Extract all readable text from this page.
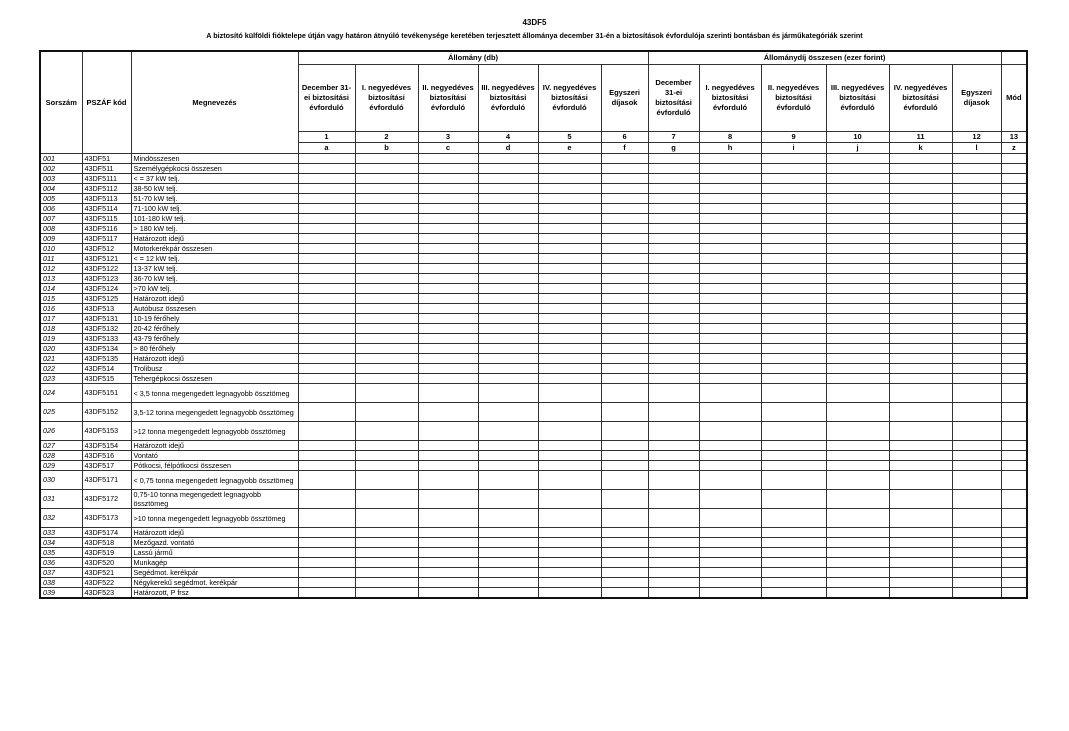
43DF5
A biztosító külföldi fióktelepe útján vagy határon átnyúló tevékenysége keretében terjesztett állománya december 31-én a biztosítások évfordulója szerinti bontásban és járműkategóriák szerint
Sorszám	PSZÁF kód	Megnevezés	Állomány (db)						Állománydíj összesen (ezer forint)						
			December 31-ei biztosítási évforduló	I. negyedéves biztosítási évforduló	II. negyedéves biztosítási évforduló	III. negyedéves biztosítási évforduló	IV. negyedéves biztosítási évforduló	Egyszeri díjasok	December 31-ei biztosítási évforduló	I. negyedéves biztosítási évforduló	II. negyedéves biztosítási évforduló	III. negyedéves biztosítási évforduló	IV. negyedéves biztosítási évforduló	Egyszeri díjasok	Mód
			1	2	3	4	5	6	7	8	9	10	11	12	13
			a	b	c	d	e	f	g	h	i	j	k	l	z
001	43DF51	Mindösszesen													
002	43DF511	Személygépkocsi összesen													
003	43DF5111	< = 37 kW telj.													
004	43DF5112	38-50 kW telj.													
005	43DF5113	51-70 kW telj.													
006	43DF5114	71-100 kW telj.													
007	43DF5115	101-180 kW telj.													
008	43DF5116	> 180 kW telj.													
009	43DF5117	Határozott idejű													
010	43DF512	Motorkerékpár összesen													
011	43DF5121	< = 12 kW telj.													
012	43DF5122	13-37 kW telj.													
013	43DF5123	36-70 kW telj.													
014	43DF5124	>70 kW telj.													
015	43DF5125	Határozott idejű													
016	43DF513	Autóbusz összesen													
017	43DF5131	10-19 férőhely													
018	43DF5132	20-42 férőhely													
019	43DF5133	43-79 férőhely													
020	43DF5134	> 80 férőhely													
021	43DF5135	Határozott idejű													
022	43DF514	Trolibusz													
023	43DF515	Tehergépkocsi összesen													
024	43DF5151	< 3,5 tonna megengedett legnagyobb össztömeg													
025	43DF5152	3,5-12 tonna megengedett legnagyobb össztömeg													
026	43DF5153	>12 tonna megengedett legnagyobb össztömeg													
027	43DF5154	Határozott idejű													
028	43DF516	Vontató													
029	43DF517	Pótkocsi, félpótkocsi összesen													
030	43DF5171	< 0,75 tonna megengedett legnagyobb össztömeg													
031	43DF5172	0,75-10 tonna megengedett legnagyobb össztömeg													
032	43DF5173	>10 tonna megengedett legnagyobb össztömeg													
033	43DF5174	Határozott idejű													
034	43DF518	Mezőgazd. vontató													
035	43DF519	Lassú jármű													
036	43DF520	Munkagép													
037	43DF521	Segédmot. kerékpár													
038	43DF522	Négykerekű segédmot. kerékpár													
039	43DF523	Határozott, P frsz													
